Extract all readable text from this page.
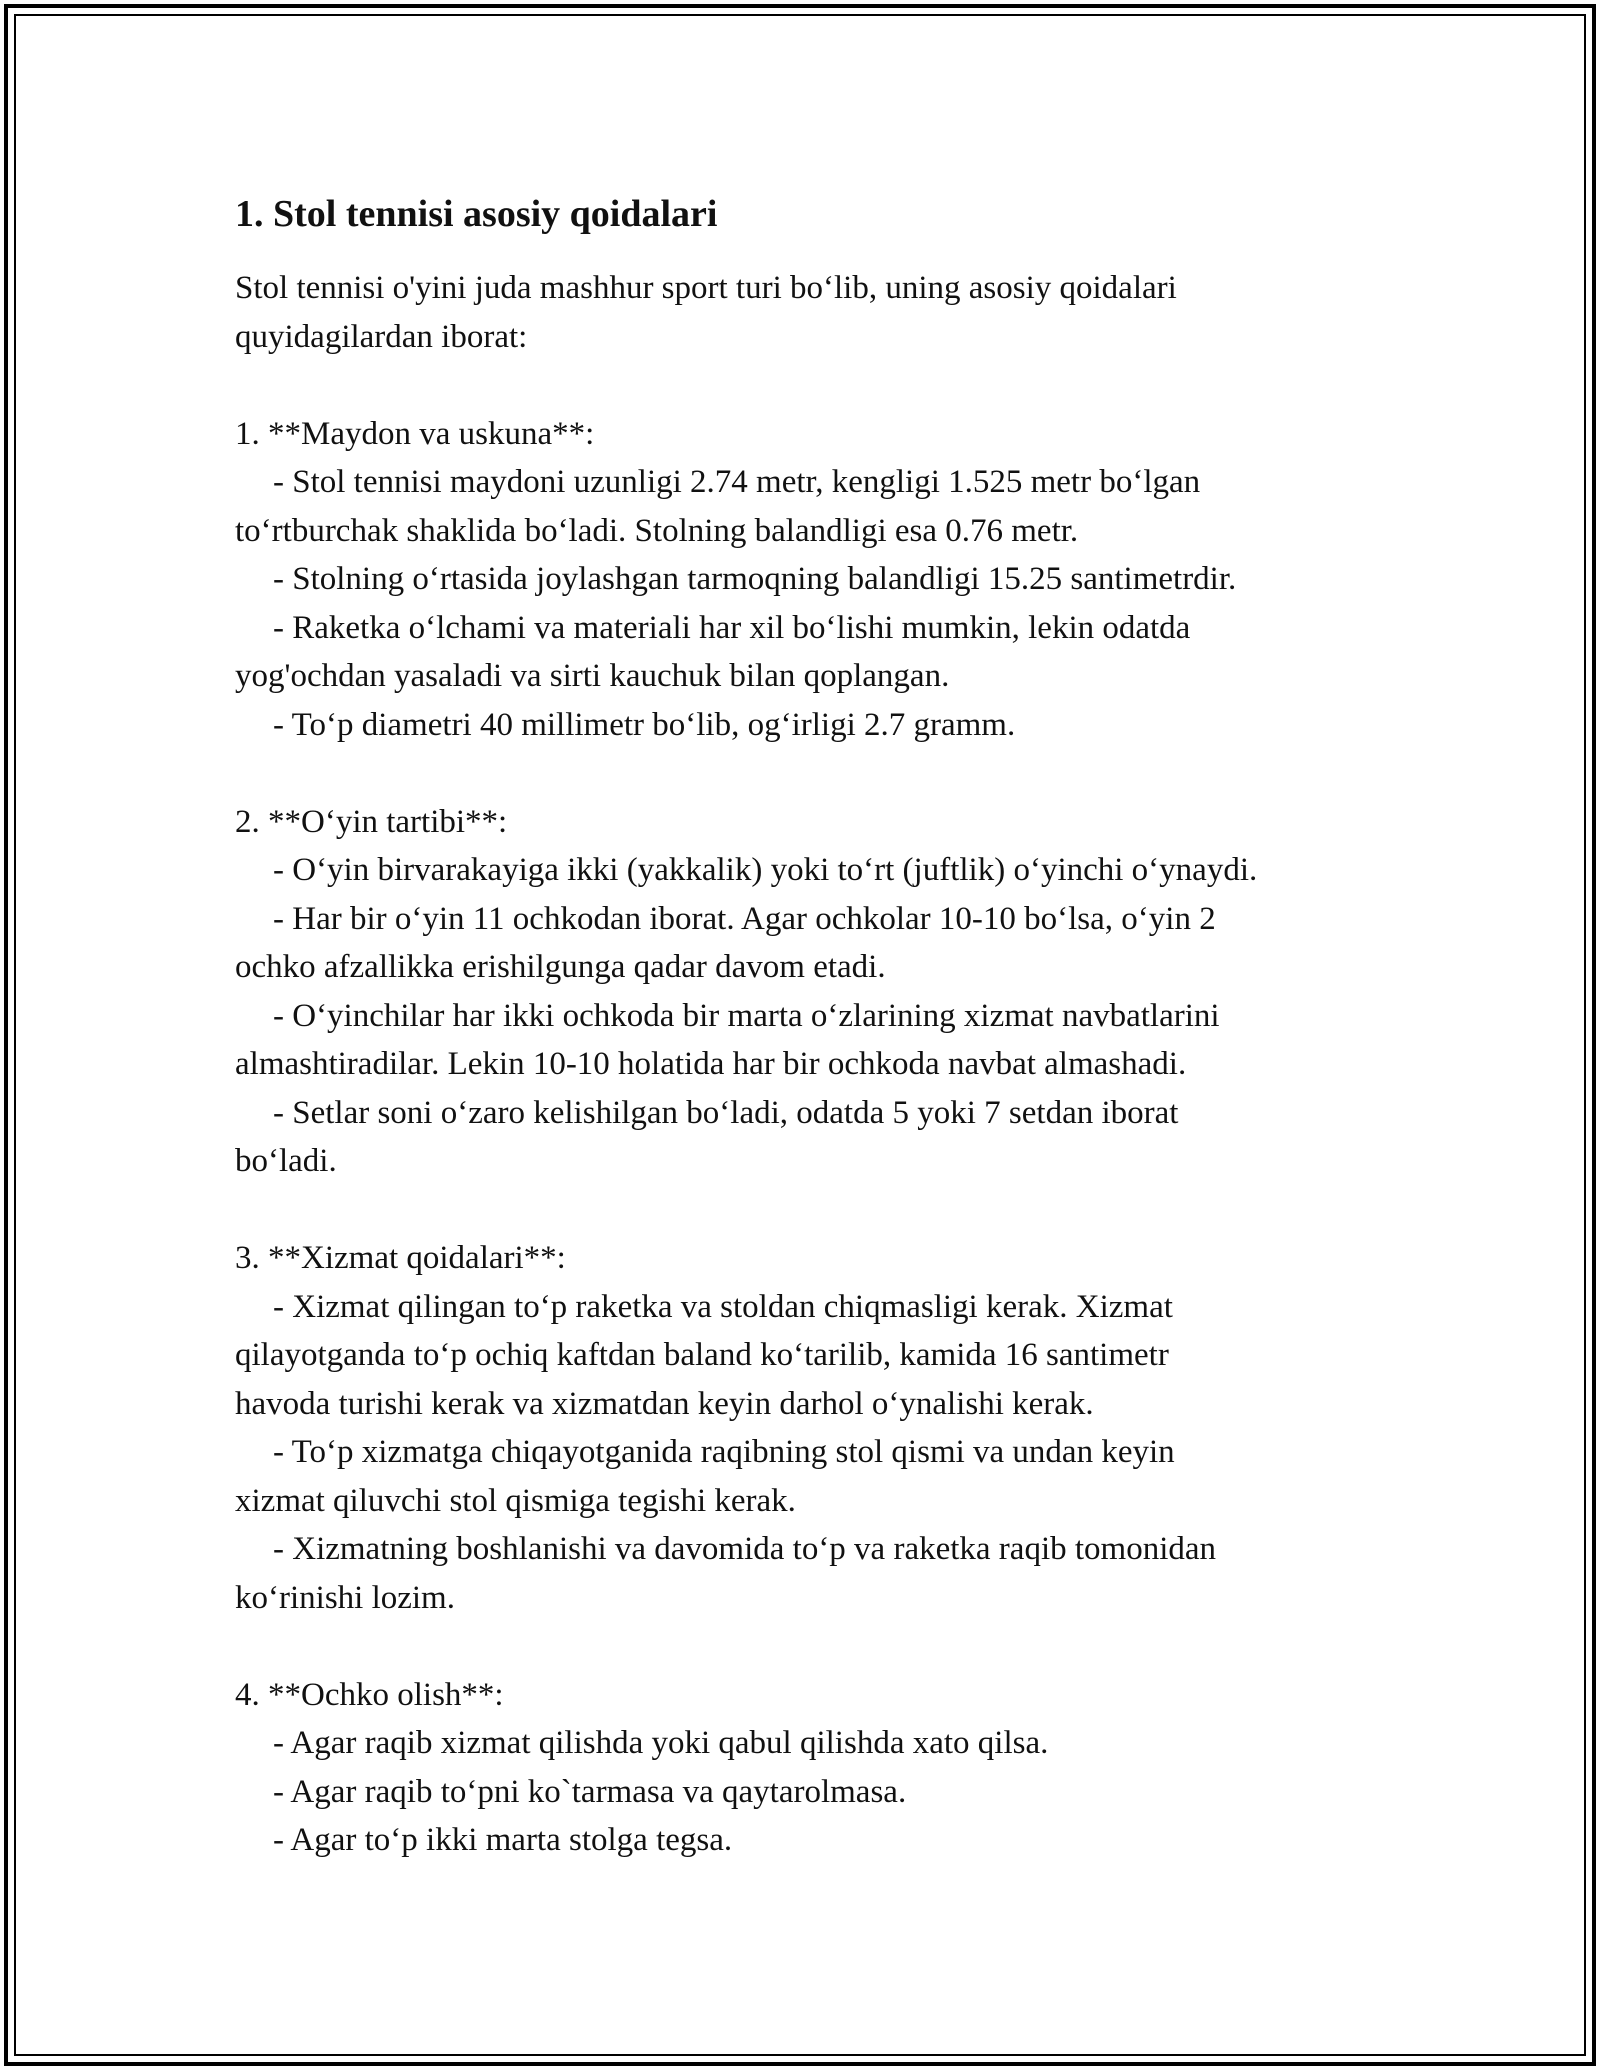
1. Stol tennisi asosiy qoidalari
Stol tennisi o'yini juda mashhur sport turi bo‘lib, uning asosiy qoidalari
quyidagilardan iborat:
1. **Maydon va uskuna**:
- Stol tennisi maydoni uzunligi 2.74 metr, kengligi 1.525 metr bo‘lgan
to‘rtburchak shaklida bo‘ladi. Stolning balandligi esa 0.76 metr.
- Stolning o‘rtasida joylashgan tarmoqning balandligi 15.25 santimetrdir.
- Raketka o‘lchami va materiali har xil bo‘lishi mumkin, lekin odatda
yog'ochdan yasaladi va sirti kauchuk bilan qoplangan.
- To‘p diametri 40 millimetr bo‘lib, og‘irligi 2.7 gramm.
2. **O‘yin tartibi**:
- O‘yin birvarakayiga ikki (yakkalik) yoki to‘rt (juftlik) o‘yinchi o‘ynaydi.
- Har bir o‘yin 11 ochkodan iborat. Agar ochkolar 10-10 bo‘lsa, o‘yin 2
ochko afzallikka erishilgunga qadar davom etadi.
- O‘yinchilar har ikki ochkoda bir marta o‘zlarining xizmat navbatlarini
almashtiradilar. Lekin 10-10 holatida har bir ochkoda navbat almashadi.
- Setlar soni o‘zaro kelishilgan bo‘ladi, odatda 5 yoki 7 setdan iborat
bo‘ladi.
3. **Xizmat qoidalari**:
- Xizmat qilingan to‘p raketka va stoldan chiqmasligi kerak. Xizmat
qilayotganda to‘p ochiq kaftdan baland ko‘tarilib, kamida 16 santimetr
havoda turishi kerak va xizmatdan keyin darhol o‘ynalishi kerak.
- To‘p xizmatga chiqayotganida raqibning stol qismi va undan keyin
xizmat qiluvchi stol qismiga tegishi kerak.
- Xizmatning boshlanishi va davomida to‘p va raketka raqib tomonidan
ko‘rinishi lozim.
4. **Ochko olish**:
- Agar raqib xizmat qilishda yoki qabul qilishda xato qilsa.
- Agar raqib to‘pni ko`tarmasa va qaytarolmasa.
- Agar to‘p ikki marta stolga tegsa.
